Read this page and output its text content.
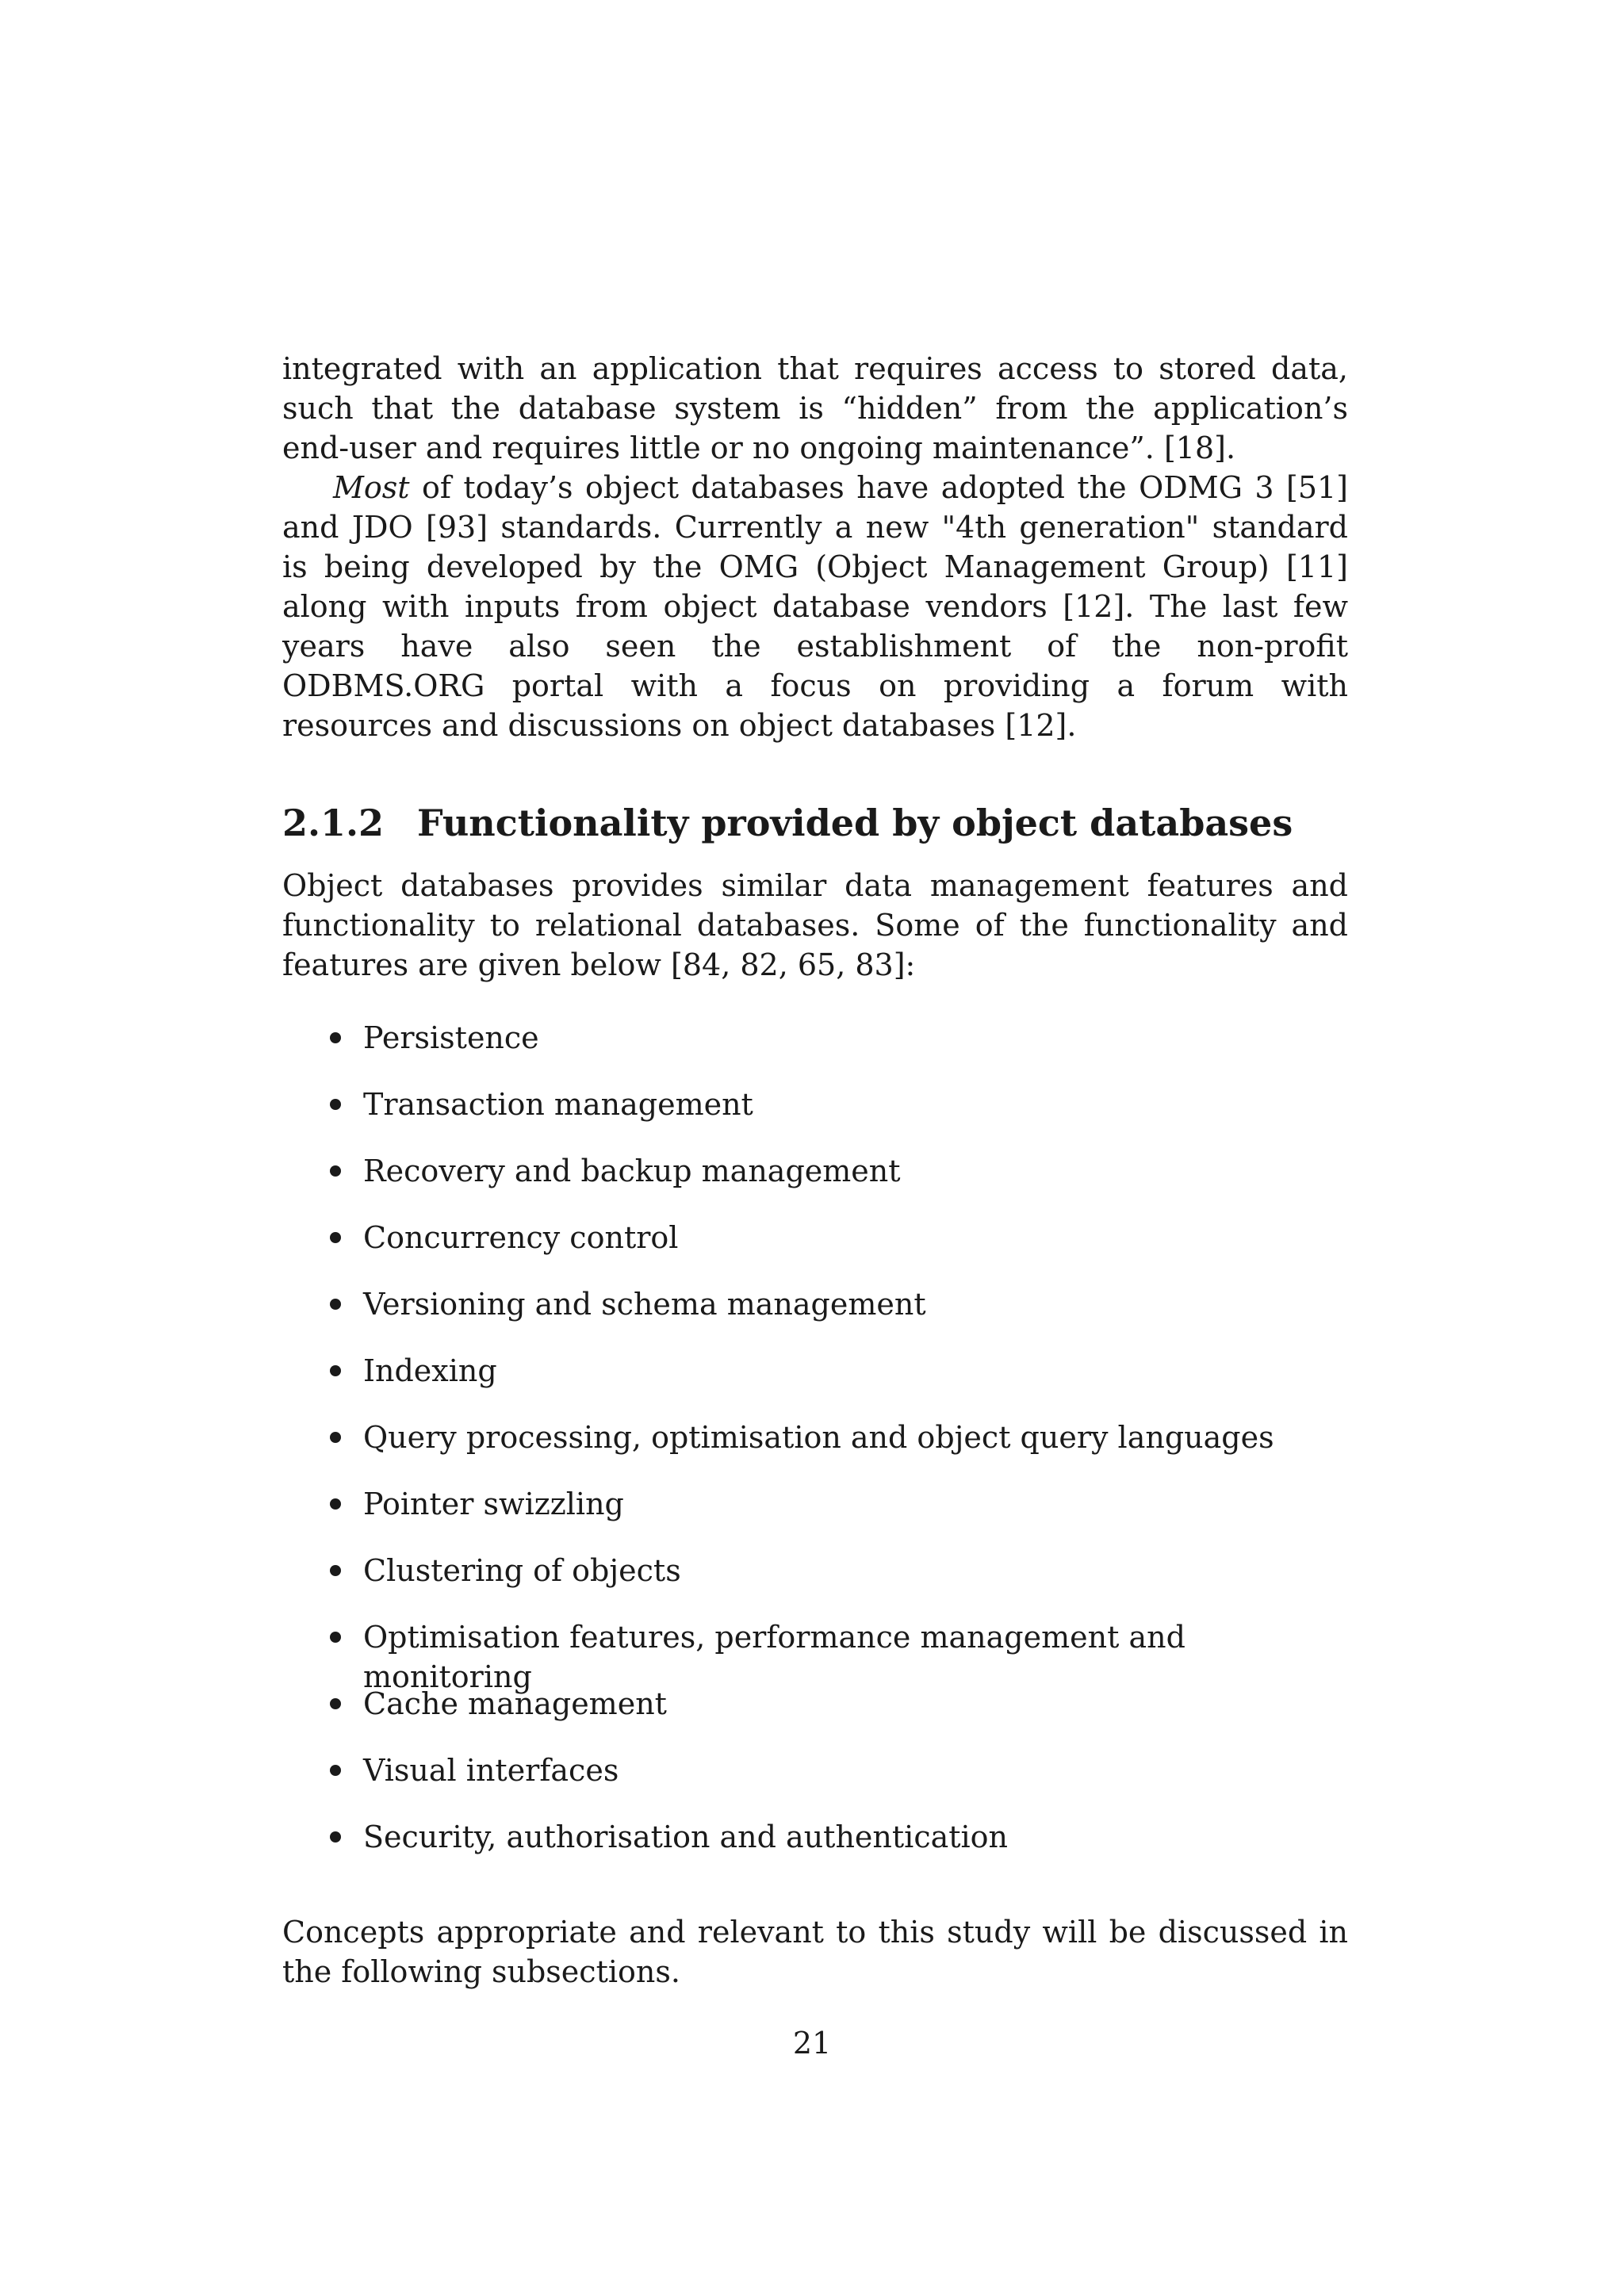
integrated with an application that requires access to stored data, such that the database system is “hidden” from the application’s end-user and requires little or no ongoing maintenance”. [18].

Most of today’s object databases have adopted the ODMG 3 [51] and JDO [93] standards. Currently a new "4th generation" standard is being developed by the OMG (Object Management Group) [11] along with inputs from object database vendors [12]. The last few years have also seen the establishment of the non-profit ODBMS.ORG portal with a focus on providing a forum with resources and discussions on object databases [12].

2.1.2 Functionality provided by object databases

Object databases provides similar data management features and functionality to relational databases. Some of the functionality and features are given below [84, 82, 65, 83]:

Persistence
Transaction management
Recovery and backup management
Concurrency control
Versioning and schema management
Indexing
Query processing, optimisation and object query languages
Pointer swizzling
Clustering of objects
Optimisation features, performance management and monitoring
Cache management
Visual interfaces
Security, authorisation and authentication

Concepts appropriate and relevant to this study will be discussed in the following subsections.

21
